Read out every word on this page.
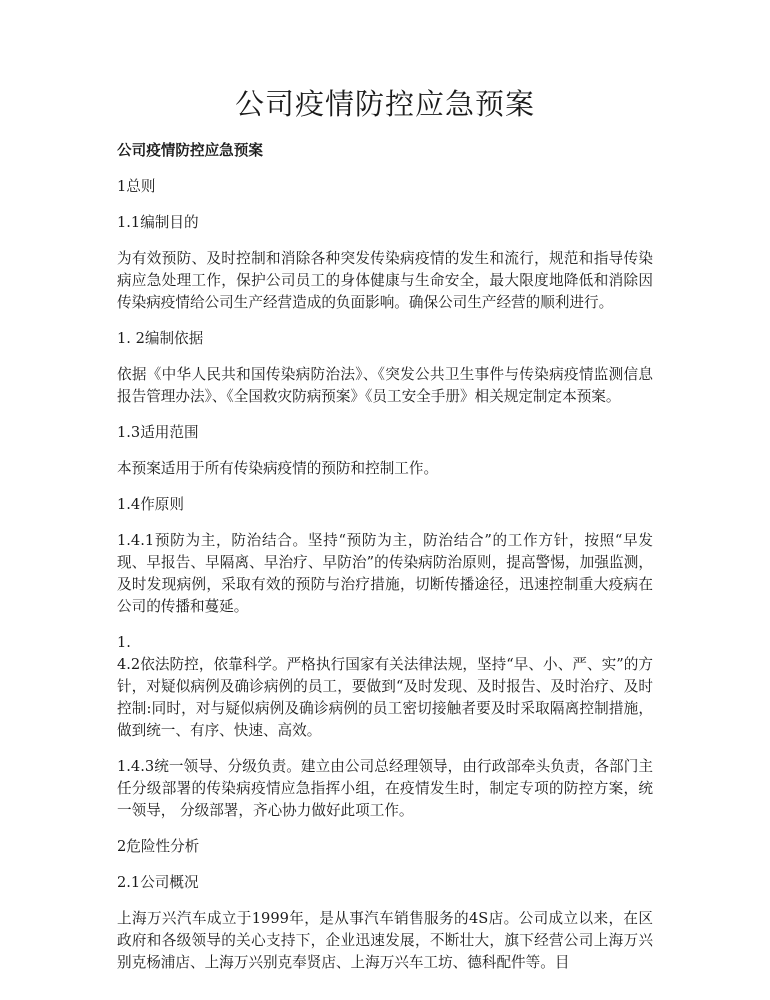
公司疫情防控应急预案

公司疫情防控应急预案

1总则

1.1编制目的

为有效预防、及时控制和消除各种突发传染病疫情的发生和流行，规范和指导传染病应急处理工作，保护公司员工的身体健康与生命安全，最大限度地降低和消除因传染病疫情给公司生产经营造成的负面影响。确保公司生产经营的顺利进行。

1. 2编制依据

依据《中华人民共和国传染病防治法》、《突发公共卫生事件与传染病疫情监测信息报告管理办法》、《全国救灾防病预案》《员工安全手册》相关规定制定本预案。

1.3适用范围

本预案适用于所有传染病疫情的预防和控制工作。

1.4作原则

1.4.1预防为主，防治结合。坚持“预防为主，防治结合”的工作方针，按照“早发现、早报告、早隔离、早治疗、早防治”的传染病防治原则，提高警惕，加强监测，及时发现病例，采取有效的预防与治疗措施，切断传播途径，迅速控制重大疫病在公司的传播和蔓延。

1.
4.2依法防控，依靠科学。严格执行国家有关法律法规，坚持“早、小、严、实”的方针，对疑似病例及确诊病例的员工，要做到“及时发现、及时报告、及时治疗、及时控制:同时，对与疑似病例及确诊病例的员工密切接触者要及时采取隔离控制措施，做到统一、有序、快速、高效。

1.4.3统一领导、分级负责。建立由公司总经理领导，由行政部牵头负责，各部门主任分级部署的传染病疫情应急指挥小组，在疫情发生时，制定专项的防控方案，统一领导， 分级部署，齐心协力做好此项工作。

2危险性分析

2.1公司概况

上海万兴汽车成立于1999年，是从事汽车销售服务的4S店。公司成立以来，在区政府和各级领导的关心支持下，企业迅速发展，不断壮大，旗下经营公司上海万兴别克杨浦店、上海万兴别克奉贤店、上海万兴车工坊、德科配件等。目
